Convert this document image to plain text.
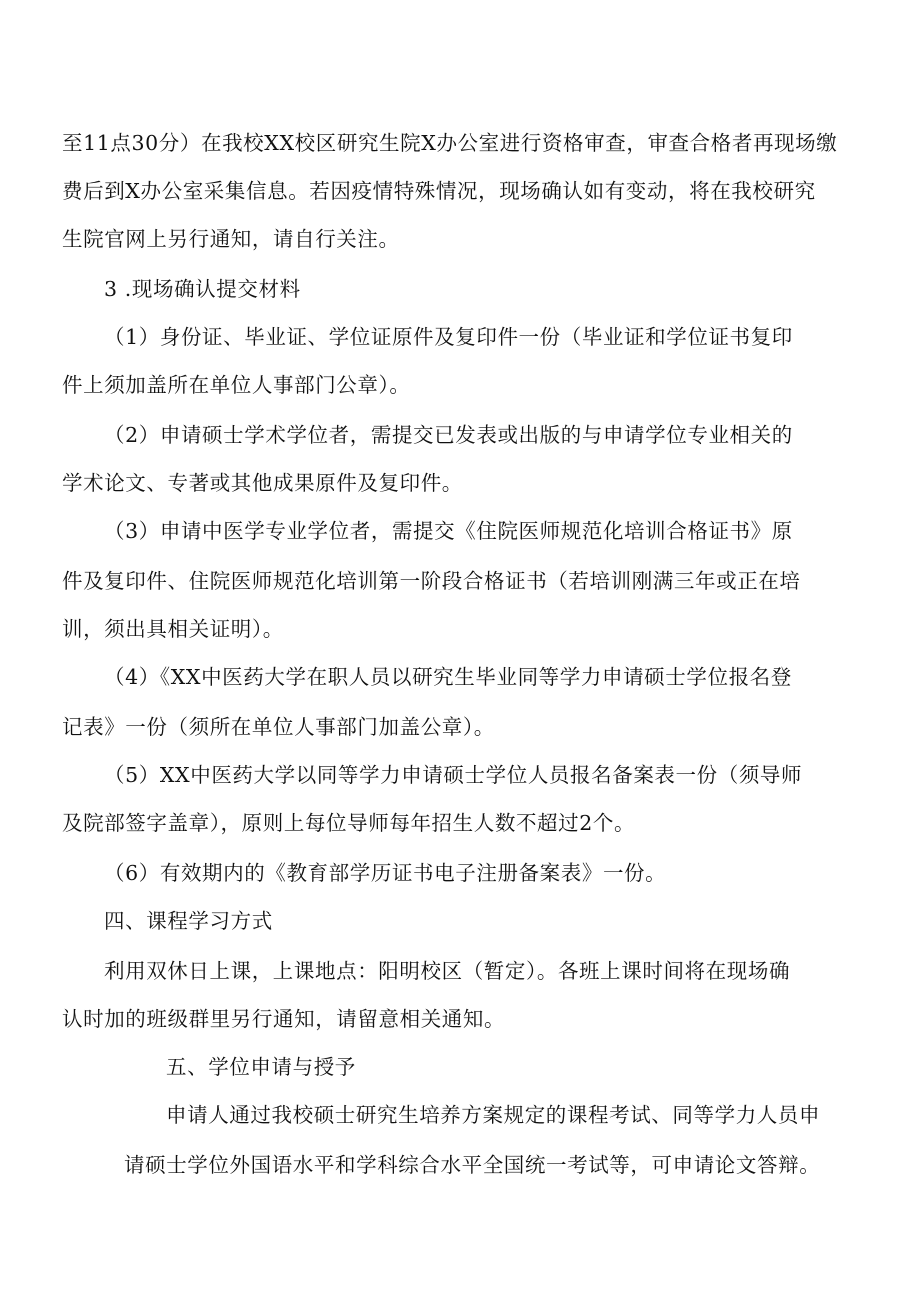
至11点30分）在我校XX校区研究生院X办公室进行资格审查，审查合格者再现场缴
费后到X办公室采集信息。若因疫情特殊情况，现场确认如有变动，将在我校研究
生院官网上另行通知，请自行关注。
3 .现场确认提交材料
（1）身份证、毕业证、学位证原件及复印件一份（毕业证和学位证书复印
件上须加盖所在单位人事部门公章）。
（2）申请硕士学术学位者，需提交已发表或出版的与申请学位专业相关的
学术论文、专著或其他成果原件及复印件。
（3）申请中医学专业学位者，需提交《住院医师规范化培训合格证书》原
件及复印件、住院医师规范化培训第一阶段合格证书（若培训刚满三年或正在培
训，须出具相关证明）。
（4）《XX中医药大学在职人员以研究生毕业同等学力申请硕士学位报名登
记表》一份（须所在单位人事部门加盖公章）。
（5）XX中医药大学以同等学力申请硕士学位人员报名备案表一份（须导师
及院部签字盖章），原则上每位导师每年招生人数不超过2个。
（6）有效期内的《教育部学历证书电子注册备案表》一份。
四、课程学习方式
利用双休日上课，上课地点：阳明校区（暂定）。各班上课时间将在现场确
认时加的班级群里另行通知，请留意相关通知。
五、学位申请与授予
申请人通过我校硕士研究生培养方案规定的课程考试、同等学力人员申
请硕士学位外国语水平和学科综合水平全国统一考试等，可申请论文答辩。
